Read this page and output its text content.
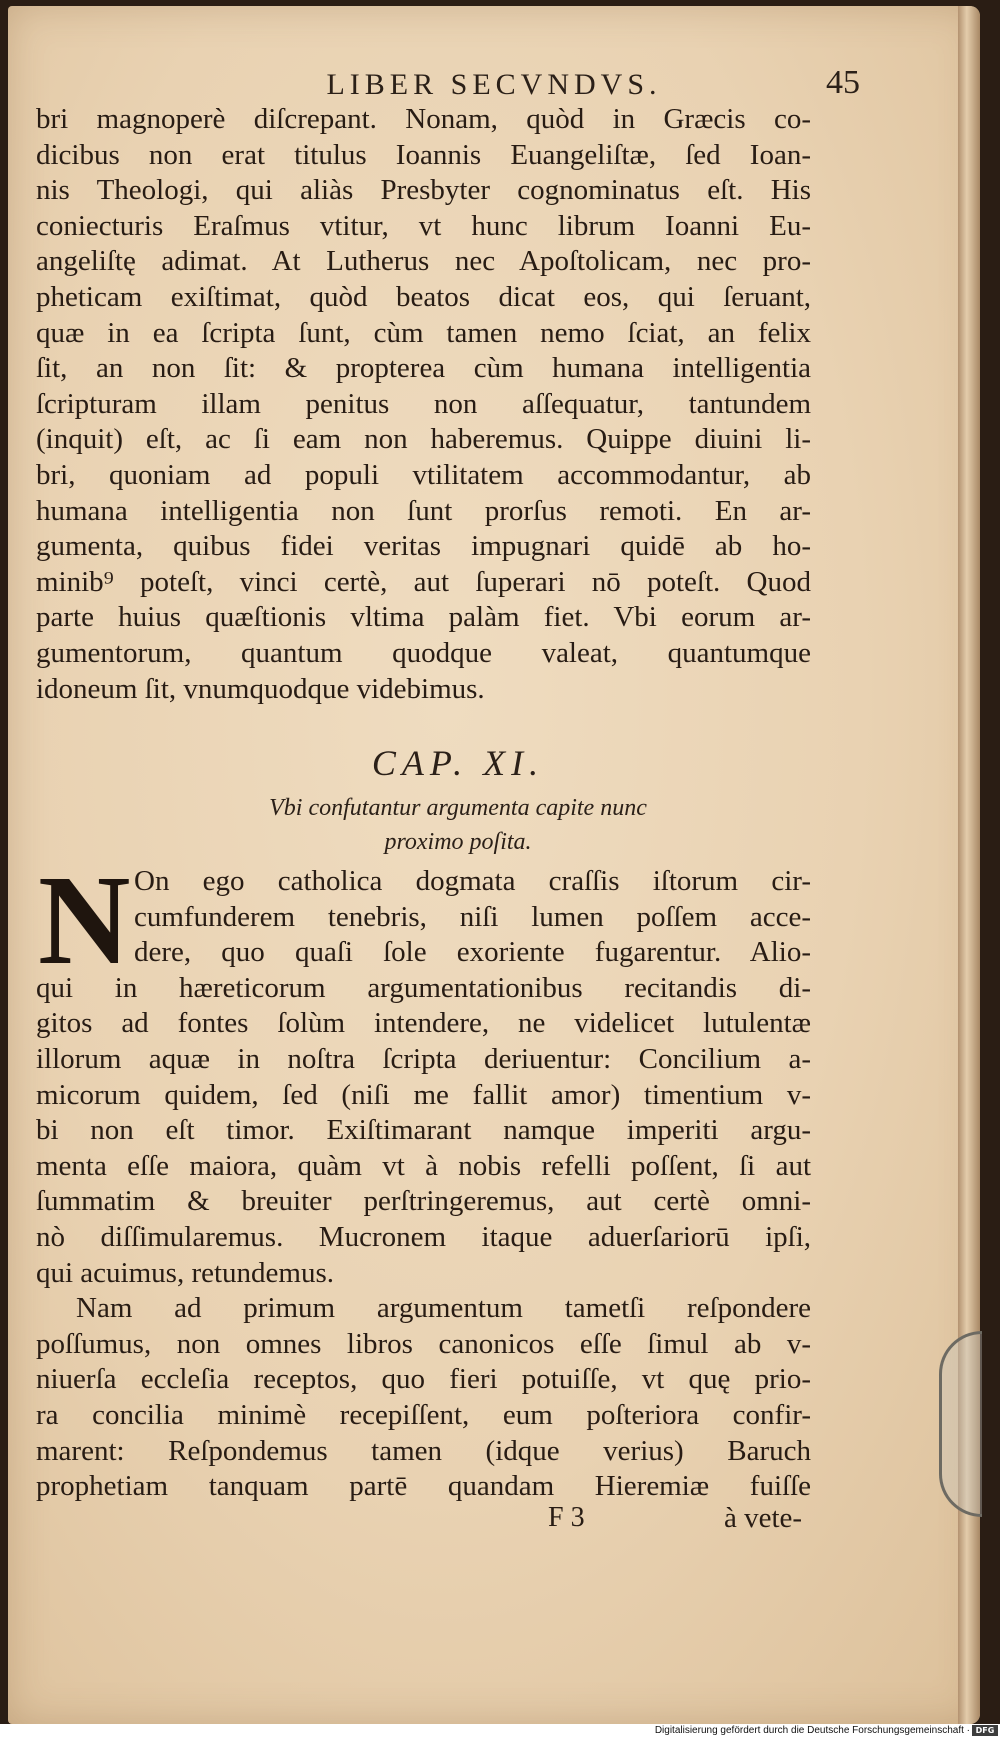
LIBER SECVNDVS.	45
bri magnoperè diſcrepant. Nonam, quòd in Græcis co-
dicibus non erat titulus Ioannis Euangeliſtæ, ſed Ioan-
nis Theologi, qui aliàs Presbyter cognominatus eſt. His
coniecturis Eraſmus vtitur, vt hunc librum Ioanni Eu-
angeliſtę adimat. At Lutherus nec Apoſtolicam, nec pro-
pheticam exiſtimat, quòd beatos dicat eos, qui ſeruant,
quæ in ea ſcripta ſunt, cùm tamen nemo ſciat, an felix
ſit, an non ſit: & propterea cùm humana intelligentia
ſcripturam illam penitus non aſſequatur, tantundem
(inquit) eſt, ac ſi eam non haberemus. Quippe diuini li-
bri, quoniam ad populi vtilitatem accommodantur, ab
humana intelligentia non ſunt prorſus remoti. En ar-
gumenta, quibus fidei veritas impugnari quidē ab ho-
minib⁹ poteſt, vinci certè, aut ſuperari nō poteſt. Quod
parte huius quæſtionis vltima palàm fiet. Vbi eorum ar-
gumentorum, quantum quodque valeat, quantumque
idoneum ſit, vnumquodque videbimus.
CAP. XI.
Vbi confutantur argumenta capite nunc
proximo poſita.
N On ego catholica dogmata craſſis iſtorum cir-
cumfunderem tenebris, niſi lumen poſſem acce-
dere, quo quaſi ſole exoriente fugarentur. Alio-
qui in hæreticorum argumentationibus recitandis di-
gitos ad fontes ſolùm intendere, ne videlicet lutulentæ
illorum aquæ in noſtra ſcripta deriuentur: Concilium a-
micorum quidem, ſed (niſi me fallit amor) timentium v-
bi non eſt timor. Exiſtimarant namque imperiti argu-
menta eſſe maiora, quàm vt à nobis refelli poſſent, ſi aut
ſummatim & breuiter perſtringeremus, aut certè omni-
nò diſſimularemus. Mucronem itaque aduerſariorū ipſi,
qui acuimus, retundemus.
Nam ad primum argumentum tametſi reſpondere
poſſumus, non omnes libros canonicos eſſe ſimul ab v-
niuerſa eccleſia receptos, quo fieri potuiſſe, vt quę prio-
ra concilia minimè recepiſſent, eum poſteriora confir-
marent: Reſpondemus tamen (idque verius) Baruch
prophetiam tanquam partē quandam Hieremiæ fuiſſe
F 3	à vete-
Digitalisierung gefördert durch die Deutsche Forschungsgemeinschaft · DFG
